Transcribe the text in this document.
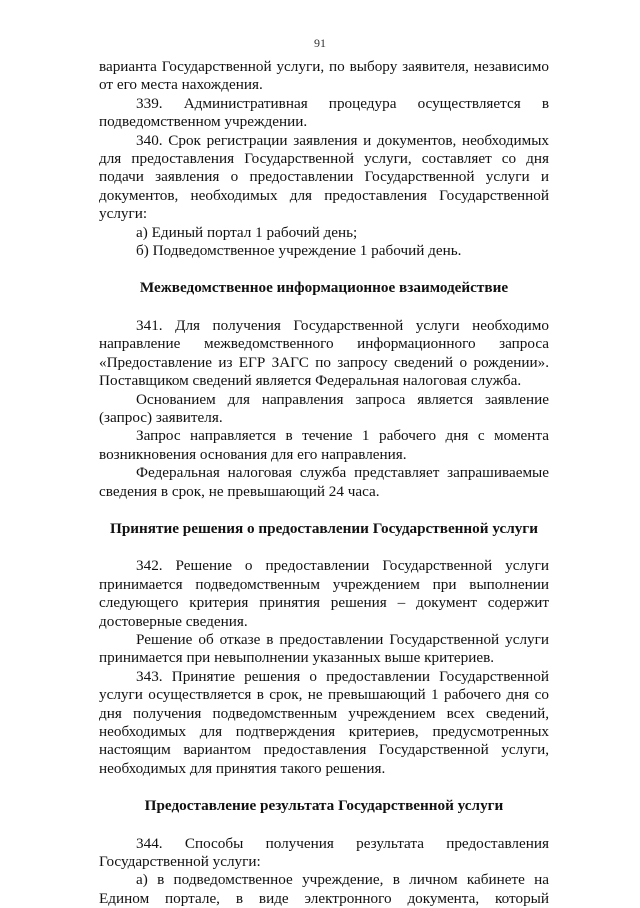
91

варианта Государственной услуги, по выбору заявителя, независимо от его места нахождения.

339. Административная процедура осуществляется в подведомственном учреждении.

340. Срок регистрации заявления и документов, необходимых для предоставления Государственной услуги, составляет со дня подачи заявления о предоставлении Государственной услуги и документов, необходимых для предоставления Государственной услуги:

а) Единый портал 1 рабочий день;

б) Подведомственное учреждение 1 рабочий день.

Межведомственное информационное взаимодействие

341. Для получения Государственной услуги необходимо направление межведомственного информационного запроса «Предоставление из ЕГР ЗАГС по запросу сведений о рождении». Поставщиком сведений является Федеральная налоговая служба.

Основанием для направления запроса является заявление (запрос) заявителя.

Запрос направляется в течение 1 рабочего дня с момента возникновения основания для его направления.

Федеральная налоговая служба представляет запрашиваемые сведения в срок, не превышающий 24 часа.

Принятие решения о предоставлении Государственной услуги

342. Решение о предоставлении Государственной услуги принимается подведомственным учреждением при выполнении следующего критерия принятия решения – документ содержит достоверные сведения.

Решение об отказе в предоставлении Государственной услуги принимается при невыполнении указанных выше критериев.

343. Принятие решения о предоставлении Государственной услуги осуществляется в срок, не превышающий 1 рабочего дня со дня получения подведомственным учреждением всех сведений, необходимых для подтверждения критериев, предусмотренных настоящим вариантом предоставления Государственной услуги, необходимых для принятия такого решения.

Предоставление результата Государственной услуги

344. Способы получения результата предоставления Государственной услуги:

а) в подведомственное учреждение, в личном кабинете на Едином портале, в виде электронного документа, который
